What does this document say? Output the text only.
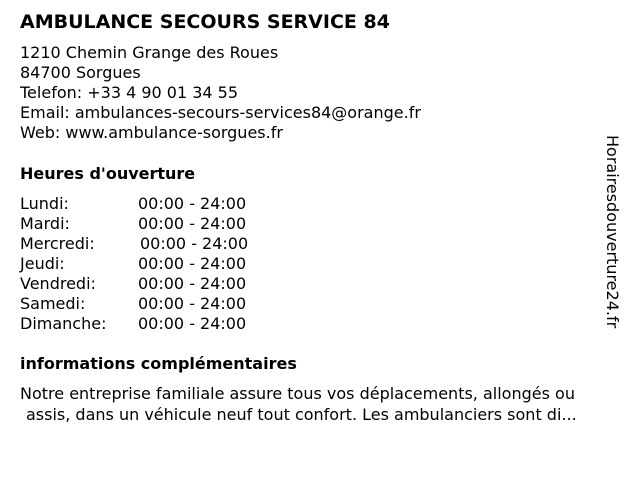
AMBULANCE SECOURS SERVICE 84
1210 Chemin Grange des Roues
84700 Sorgues
Telefon: +33 4 90 01 34 55
Email: ambulances-secours-services84@orange.fr
Web: www.ambulance-sorgues.fr
Heures d'ouverture
Lundi:	00:00 - 24:00
Mardi:	00:00 - 24:00
Mercredi:	00:00 - 24:00
Jeudi:	00:00 - 24:00
Vendredi:	00:00 - 24:00
Samedi:	00:00 - 24:00
Dimanche: 00:00 - 24:00
informations complémentaires
Notre entreprise familiale assure tous vos déplacements, allongés ou
assis, dans un véhicule neuf tout confort. Les ambulanciers sont di...
Horairesdouverture24.fr
